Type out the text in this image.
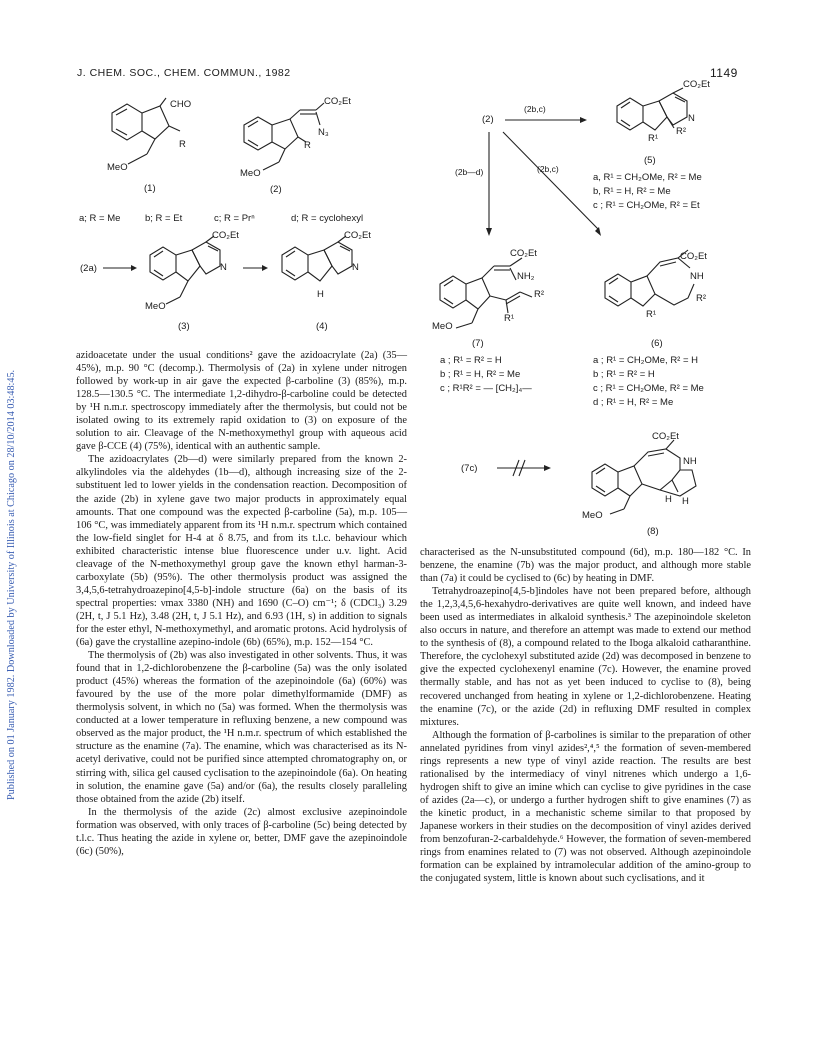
Published on 01 January 1982. Downloaded by University of Illinois at Chicago on 28/10/2014 03:48:45.
J. CHEM. SOC., CHEM. COMMUN., 1982	1149
CHO
R
MeO
(1)
CO₂Et
N₃
R
MeO
(2)
a; R = Me	b; R = Et	c; R = Prⁿ	d; R = cyclohexyl
(2a)
CO₂Et
N
MeO
(3)
CO₂Et
N
H
(4)
(2)
(2b,c)
(2b,c)
(2b—d)
CO₂Et
N
R²
R¹
(5)
a, R¹ = CH₂OMe, R² = Me
b, R¹ = H, R² = Me
c ; R¹ = CH₂OMe, R² = Et
CO₂Et
NH₂
R²
R¹
MeO
(7)
a ; R¹ = R² = H
b ; R¹ = H, R² = Me
c ; R¹R² = — [CH₂]₄—
CO₂Et
NH
R²
R¹
(6)
a ; R¹ = CH₂OMe, R² = H
b ; R¹ = R² = H
c ; R¹ = CH₂OMe, R² = Me
d ; R¹ = H, R² = Me
(7c)
CO₂Et
NH
H H
MeO
(8)

azidoacetate under the usual conditions² gave the azidoacrylate (2a) (35—45%), m.p. 90 °C (decomp.). Thermolysis of (2a) in xylene under nitrogen followed by work-up in air gave the expected β-carboline (3) (85%), m.p. 128.5—130.5 °C. The intermediate 1,2-dihydro-β-carboline could be detected by ¹H n.m.r. spectroscopy immediately after the thermolysis, but could not be isolated owing to its extremely rapid oxidation to (3) on exposure of the solution to air. Cleavage of the N-methoxymethyl group with aqueous acid gave β-CCE (4) (75%), identical with an authentic sample.

The azidoacrylates (2b—d) were similarly prepared from the known 2-alkylindoles via the aldehydes (1b—d), although increasing size of the 2-substituent led to lower yields in the condensation reaction. Decomposition of the azide (2b) in xylene gave two major products in approximately equal amounts. That one compound was the expected β-carboline (5a), m.p. 105—106 °C, was immediately apparent from its ¹H n.m.r. spectrum which contained the low-field singlet for H-4 at δ 8.75, and from its t.l.c. behaviour which exhibited characteristic intense blue fluorescence under u.v. light. Acid cleavage of the N-methoxymethyl group gave the known ethyl harman-3-carboxylate (5b) (95%). The other thermolysis product was assigned the 3,4,5,6-tetrahydroazepino[4,5-b]-indole structure (6a) on the basis of its spectral properties: νmax 3380 (NH) and 1690 (C–O) cm⁻¹; δ (CDCl₃) 3.29 (2H, t, J 5.1 Hz), 3.48 (2H, t, J 5.1 Hz), and 6.93 (1H, s) in addition to signals for the ester ethyl, N-methoxymethyl, and aromatic protons. Acid hydrolysis of (6a) gave the crystalline azepino-indole (6b) (65%), m.p. 152—154 °C.

The thermolysis of (2b) was also investigated in other solvents. Thus, it was found that in 1,2-dichlorobenzene the β-carboline (5a) was the only isolated product (45%) whereas the formation of the azepinoindole (6a) (60%) was favoured by the use of the more polar dimethylformamide (DMF) as thermolysis solvent, in which no (5a) was formed. When the thermolysis was conducted at a lower temperature in refluxing benzene, a new compound was observed as the major product, the ¹H n.m.r. spectrum of which established the structure as the enamine (7a). The enamine, which was characterised as its N-acetyl derivative, could not be purified since attempted chromatography on, or stirring with, silica gel caused cyclisation to the azepinoindole (6a). On heating in solution, the enamine gave (5a) and/or (6a), the results closely paralleling those obtained from the azide (2b) itself.

In the thermolysis of the azide (2c) almost exclusive azepinoindole formation was observed, with only traces of β-carboline (5c) being detected by t.l.c. Thus heating the azide in xylene or, better, DMF gave the azepinoindole (6c) (50%),

characterised as the N-unsubstituted compound (6d), m.p. 180—182 °C. In benzene, the enamine (7b) was the major product, and although more stable than (7a) it could be cyclised to (6c) by heating in DMF.

Tetrahydroazepino[4,5-b]indoles have not been prepared before, although the 1,2,3,4,5,6-hexahydro-derivatives are quite well known, and indeed have been used as intermediates in alkaloid synthesis.³ The azepinoindole skeleton also occurs in nature, and therefore an attempt was made to extend our method to the synthesis of (8), a compound related to the Iboga alkaloid catharanthine. Therefore, the cyclohexyl substituted azide (2d) was decomposed in benzene to give the expected cyclohexenyl enamine (7c). However, the enamine proved thermally stable, and has not as yet been induced to cyclise to (8), being recovered unchanged from heating in xylene or 1,2-dichlorobenzene. Heating the enamine (7c), or the azide (2d) in refluxing DMF resulted in complex mixtures.

Although the formation of β-carbolines is similar to the preparation of other annelated pyridines from vinyl azides²,⁴,⁵ the formation of seven-membered rings represents a new type of vinyl azide reaction. The results are best rationalised by the intermediacy of vinyl nitrenes which undergo a 1,6-hydrogen shift to give an imine which can cyclise to give pyridines in the case of azides (2a—c), or undergo a further hydrogen shift to give enamines (7) as the kinetic product, in a mechanistic scheme similar to that proposed by Japanese workers in their studies on the decomposition of vinyl azides derived from benzofuran-2-carbaldehyde.⁶ However, the formation of seven-membered rings from enamines related to (7) was not observed. Although azepinoindole formation can be explained by intramolecular addition of the amino-group to the conjugated system, little is known about such cyclisations, and it
